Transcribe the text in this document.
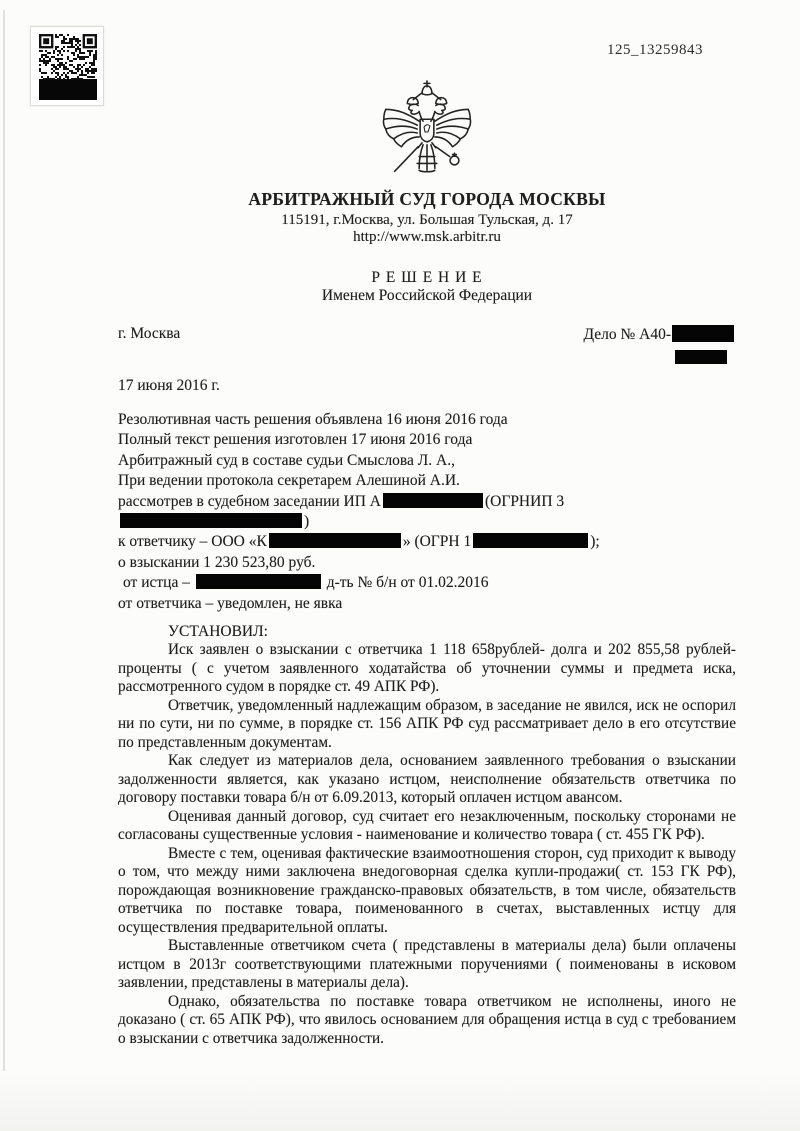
125_13259843
АРБИТРАЖНЫЙ СУД ГОРОДА МОСКВЫ
115191, г.Москва, ул. Большая Тульская, д. 17
http://www.msk.arbitr.ru
Р Е Ш Е Н И Е
Именем Российской Федерации
г. Москва	Дело № А40-
17 июня 2016 г.
Резолютивная часть решения объявлена 16 июня 2016 года
Полный текст решения изготовлен 17 июня 2016 года
Арбитражный суд в составе судьи Смыслова Л. А.,
При ведении протокола секретарем Алешиной А.И.
рассмотрев в судебном заседании ИП А	(ОГРНИП 3)
к ответчику – ООО «К	» (ОГРН 1	);
о взыскании 1 230 523,80 руб.
от истца –	д-ть № б/н от 01.02.2016
от ответчика – уведомлен, не явка
УСТАНОВИЛ:

Иск заявлен о взыскании с ответчика 1 118 658рублей- долга и 202 855,58 рублей- проценты ( с учетом заявленного ходатайства об уточнении суммы и предмета иска, рассмотренного судом в порядке ст. 49 АПК РФ).

Ответчик, уведомленный надлежащим образом, в заседание не явился, иск не оспорил ни по сути, ни по сумме, в порядке ст. 156 АПК РФ суд рассматривает дело в его отсутствие по представленным документам.

Как следует из материалов дела, основанием заявленного требования о взыскании задолженности является, как указано истцом, неисполнение обязательств ответчика по договору поставки товара б/н от 6.09.2013, который оплачен истцом авансом.

Оценивая данный договор, суд считает его незаключенным, поскольку сторонами не согласованы существенные условия - наименование и количество товара ( ст. 455 ГК РФ).

Вместе с тем, оценивая фактические взаимоотношения сторон, суд приходит к выводу о том, что между ними заключена внедоговорная сделка купли-продажи( ст. 153 ГК РФ), порождающая возникновение гражданско-правовых обязательств, в том числе, обязательств ответчика по поставке товара, поименованного в счетах, выставленных истцу для осуществления предварительной оплаты.

Выставленные ответчиком счета ( представлены в материалы дела) были оплачены истцом в 2013г соответствующими платежными поручениями ( поименованы в исковом заявлении, представлены в материалы дела).

Однако, обязательства по поставке товара ответчиком не исполнены, иного не доказано ( ст. 65 АПК РФ), что явилось основанием для обращения истца в суд с требованием о взыскании с ответчика задолженности.
